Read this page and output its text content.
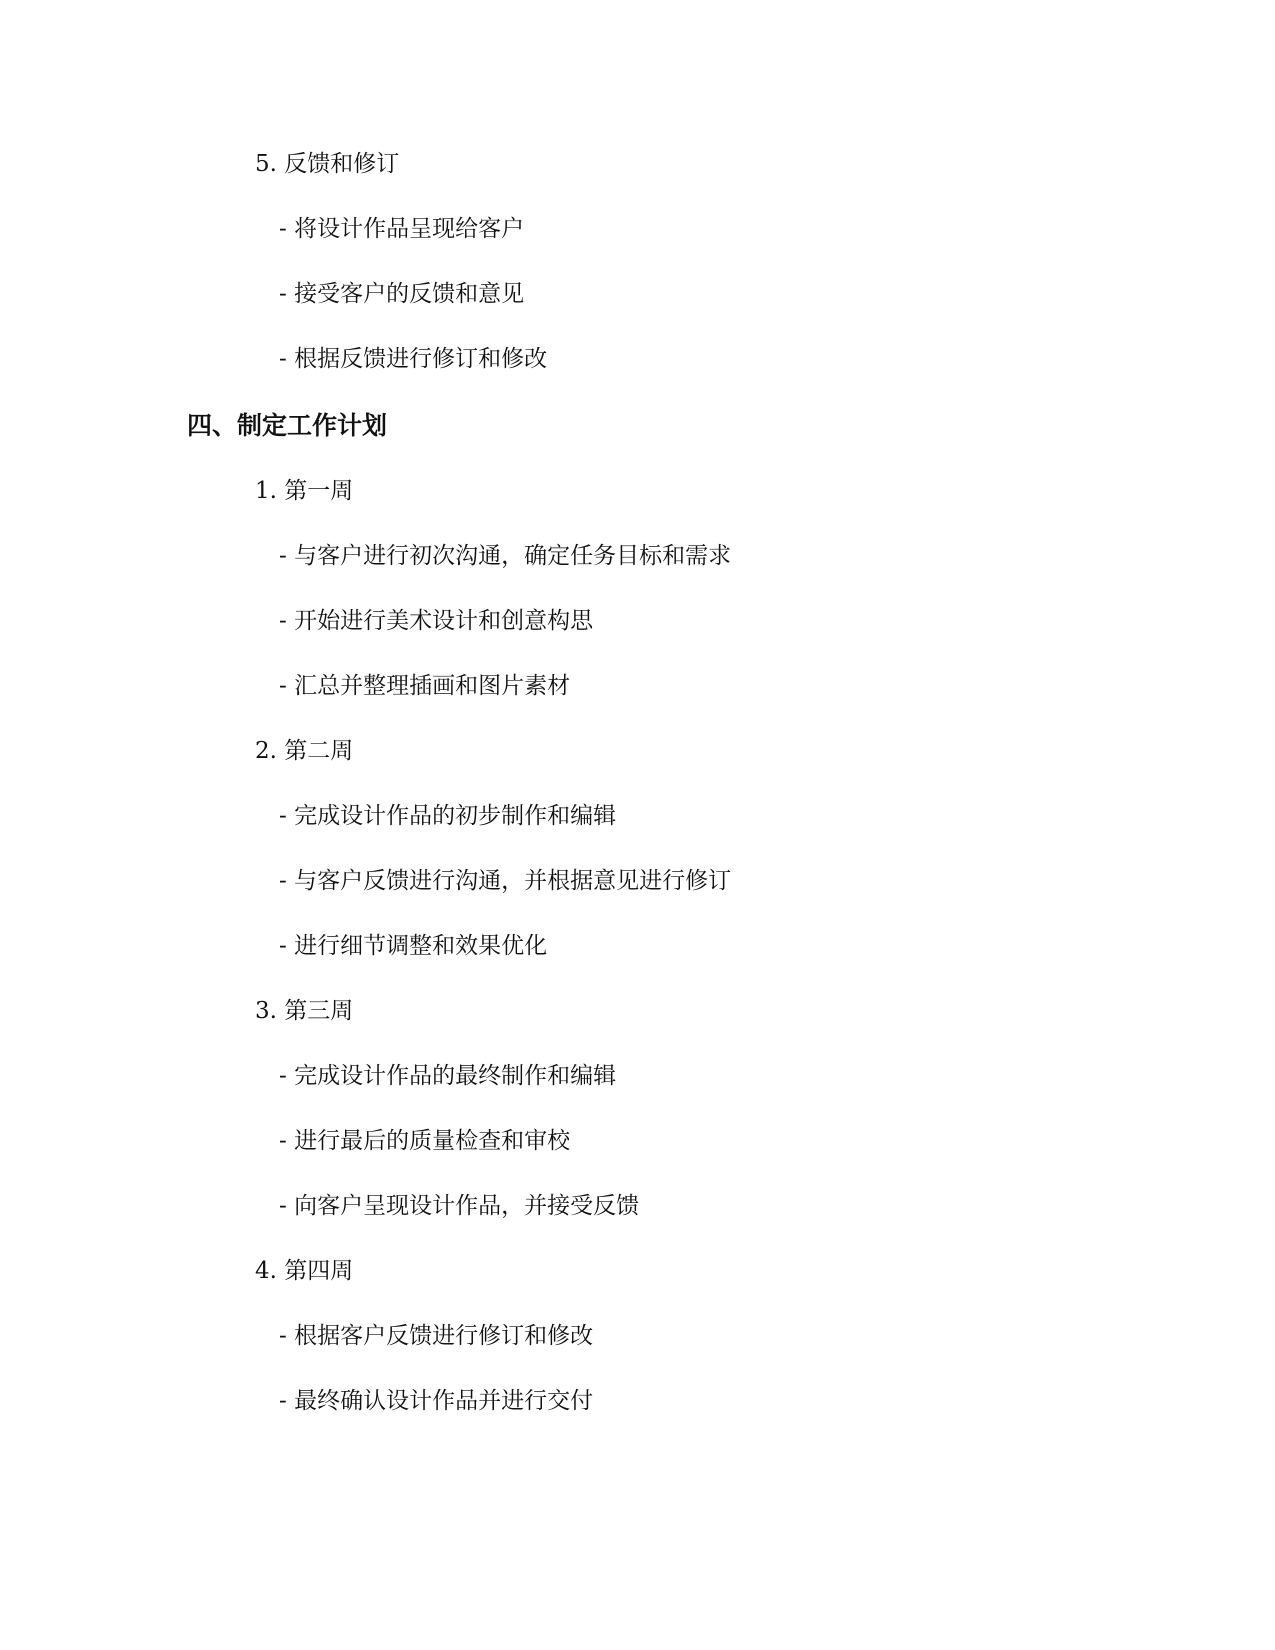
5. 反馈和修订
- 将设计作品呈现给客户
- 接受客户的反馈和意见
- 根据反馈进行修订和修改
四、制定工作计划
1. 第一周
- 与客户进行初次沟通，确定任务目标和需求
- 开始进行美术设计和创意构思
- 汇总并整理插画和图片素材
2. 第二周
- 完成设计作品的初步制作和编辑
- 与客户反馈进行沟通，并根据意见进行修订
- 进行细节调整和效果优化
3. 第三周
- 完成设计作品的最终制作和编辑
- 进行最后的质量检查和审校
- 向客户呈现设计作品，并接受反馈
4. 第四周
- 根据客户反馈进行修订和修改
- 最终确认设计作品并进行交付
